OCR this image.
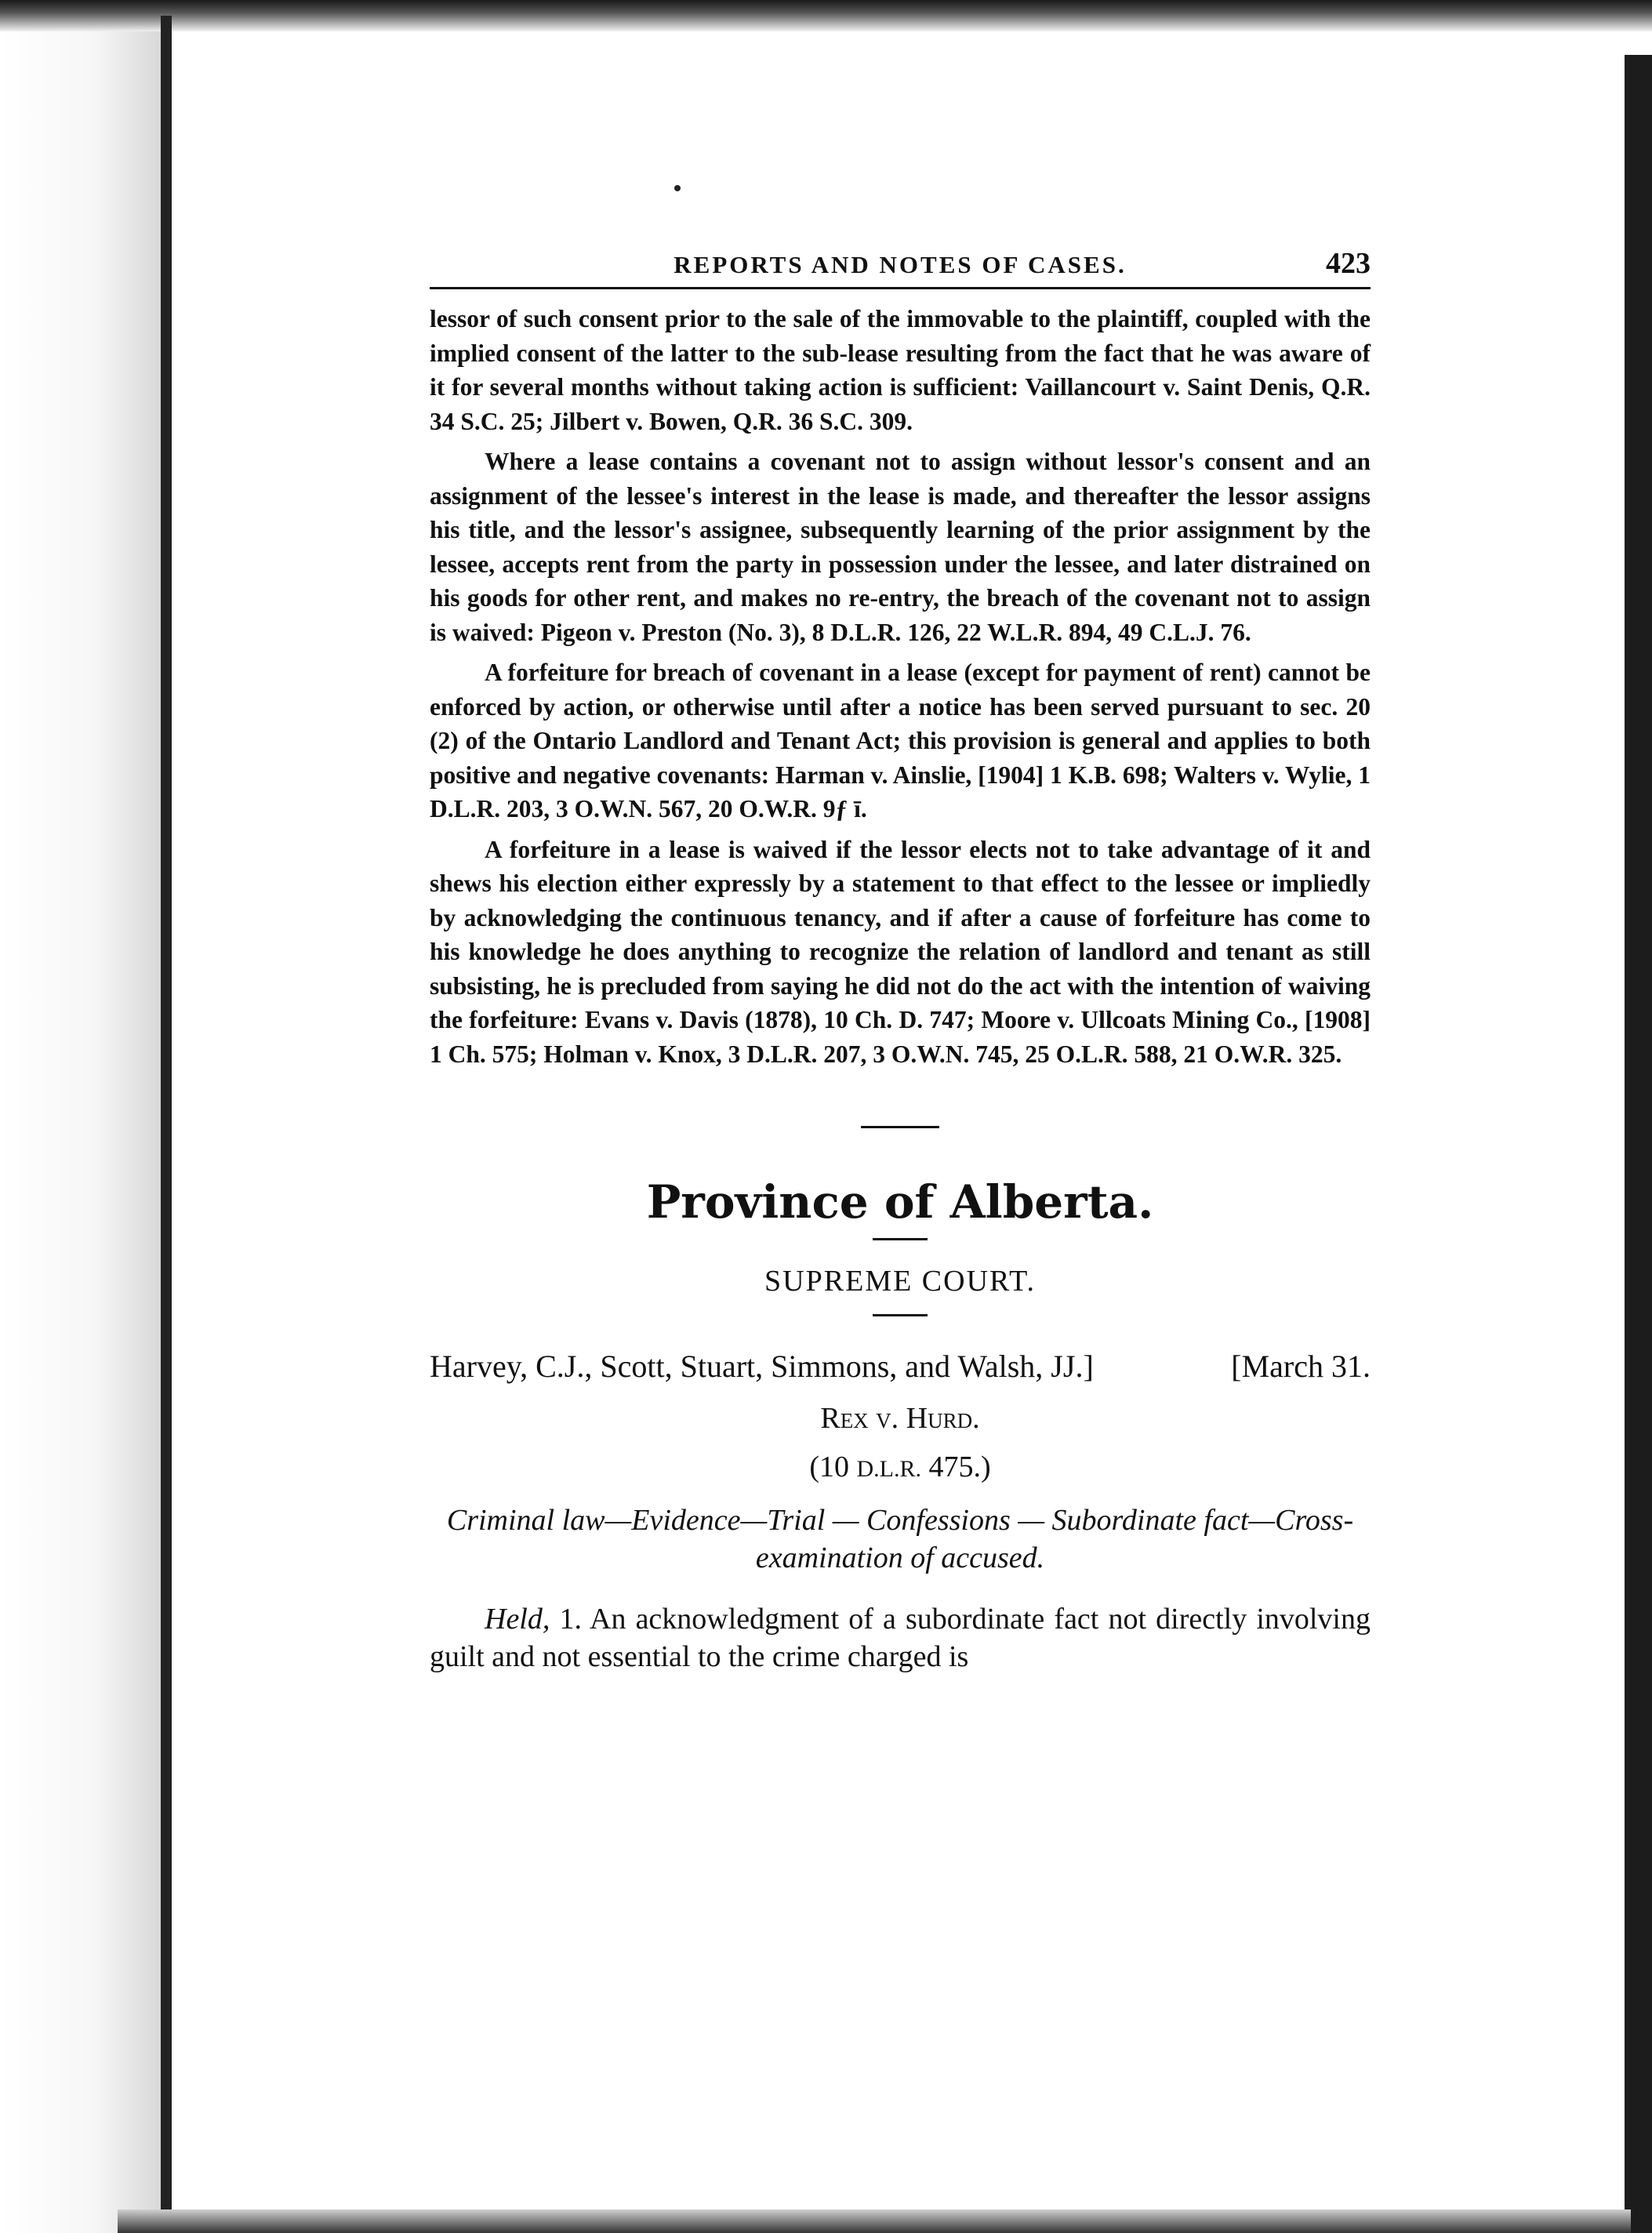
REPORTS AND NOTES OF CASES.	423

lessor of such consent prior to the sale of the immovable to the plaintiff, coupled with the implied consent of the latter to the sub-lease resulting from the fact that he was aware of it for several months without taking action is sufficient: Vaillancourt v. Saint Denis, Q.R. 34 S.C. 25; Jilbert v. Bowen, Q.R. 36 S.C. 309.

Where a lease contains a covenant not to assign without lessor's consent and an assignment of the lessee's interest in the lease is made, and thereafter the lessor assigns his title, and the lessor's assignee, subsequently learning of the prior assignment by the lessee, accepts rent from the party in possession under the lessee, and later distrained on his goods for other rent, and makes no re-entry, the breach of the covenant not to assign is waived: Pigeon v. Preston (No. 3), 8 D.L.R. 126, 22 W.L.R. 894, 49 C.L.J. 76.

A forfeiture for breach of covenant in a lease (except for payment of rent) cannot be enforced by action, or otherwise until after a notice has been served pursuant to sec. 20 (2) of the Ontario Landlord and Tenant Act; this provision is general and applies to both positive and negative covenants: Harman v. Ainslie, [1904] 1 K.B. 698; Walters v. Wylie, 1 D.L.R. 203, 3 O.W.N. 567, 20 O.W.R. 9ƒ ī.

A forfeiture in a lease is waived if the lessor elects not to take advantage of it and shews his election either expressly by a statement to that effect to the lessee or impliedly by acknowledging the continuous tenancy, and if after a cause of forfeiture has come to his knowledge he does anything to recognize the relation of landlord and tenant as still subsisting, he is precluded from saying he did not do the act with the intention of waiving the forfeiture: Evans v. Davis (1878), 10 Ch. D. 747; Moore v. Ullcoats Mining Co., [1908] 1 Ch. 575; Holman v. Knox, 3 D.L.R. 207, 3 O.W.N. 745, 25 O.L.R. 588, 21 O.W.R. 325.

Province of Alberta.
SUPREME COURT.
Harvey, C.J., Scott, Stuart, Simmons, and Walsh, JJ.]	[March 31.
Rex v. Hurd.
(10 D.L.R. 475.)
Criminal law—Evidence—Trial — Confessions — Subordinate fact—Cross-examination of accused.
Held, 1. An acknowledgment of a subordinate fact not directly involving guilt and not essential to the crime charged is
